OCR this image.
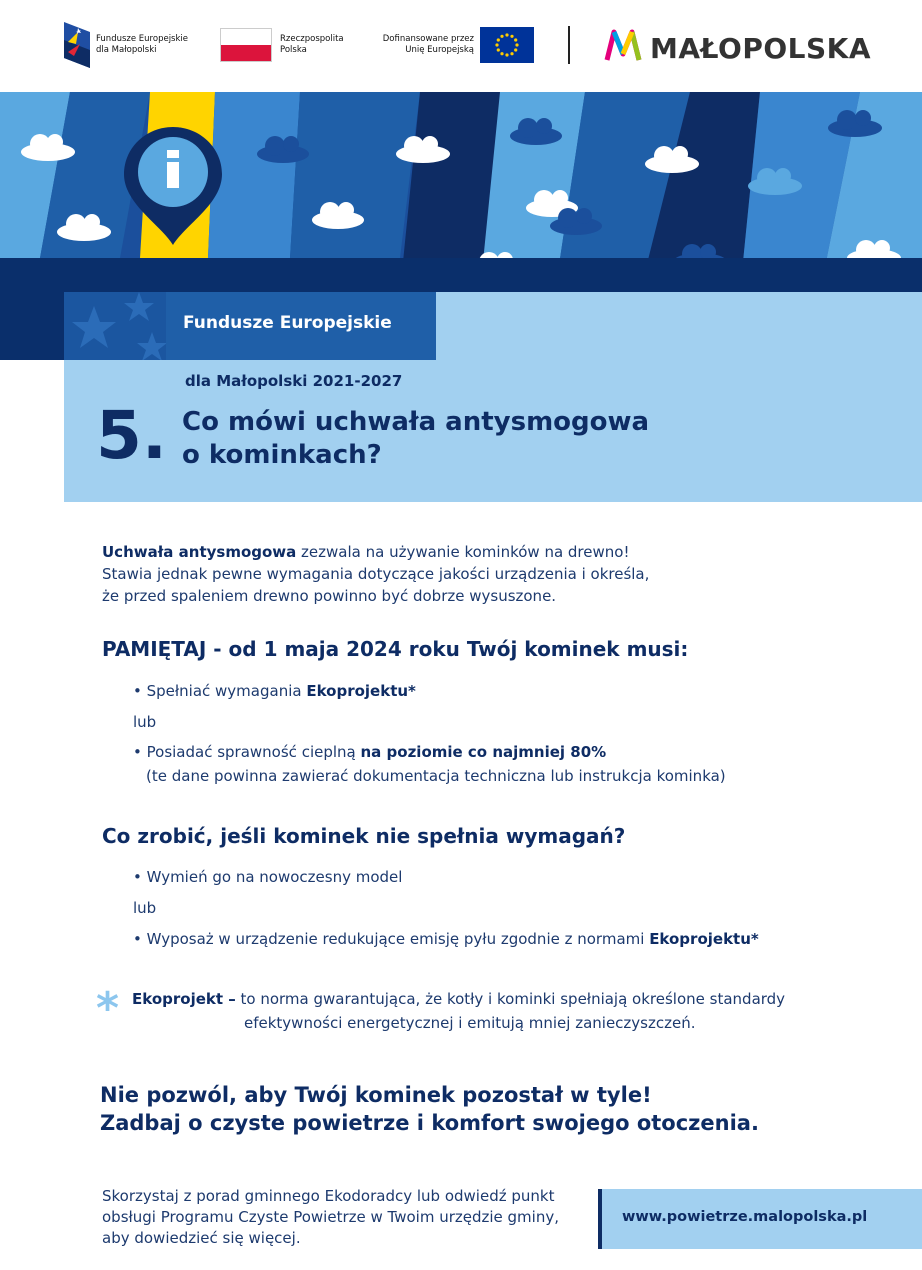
Fundusze Europejskie
dla Małopolski
Rzeczpospolita
Polska
Dofinansowane przez
Unię Europejską	MAŁOPOLSKA
Fundusze Europejskie
dla Małopolski 2021-2027
5. Co mówi uchwała antysmogowa
o kominkach?
Uchwała antysmogowa zezwala na używanie kominków na drewno!
Stawia jednak pewne wymagania dotyczące jakości urządzenia i określa,
że przed spaleniem drewno powinno być dobrze wysuszone.
PAMIĘTAJ - od 1 maja 2024 roku Twój kominek musi:
• Spełniać wymagania Ekoprojektu*
lub
• Posiadać sprawność cieplną na poziomie co najmniej 80%
(te dane powinna zawierać dokumentacja techniczna lub instrukcja kominka)
Co zrobić, jeśli kominek nie spełnia wymagań?
• Wymień go na nowoczesny model
lub
• Wyposaż w urządzenie redukujące emisję pyłu zgodnie z normami Ekoprojektu*
* Ekoprojekt – to norma gwarantująca, że kotły i kominki spełniają określone standardy
efektywności energetycznej i emitują mniej zanieczyszczeń.
Nie pozwól, aby Twój kominek pozostał w tyle!
Zadbaj o czyste powietrze i komfort swojego otoczenia.
Skorzystaj z porad gminnego Ekodoradcy lub odwiedź punkt
obsługi Programu Czyste Powietrze w Twoim urzędzie gminy,
aby dowiedzieć się więcej.
www.powietrze.malopolska.pl
